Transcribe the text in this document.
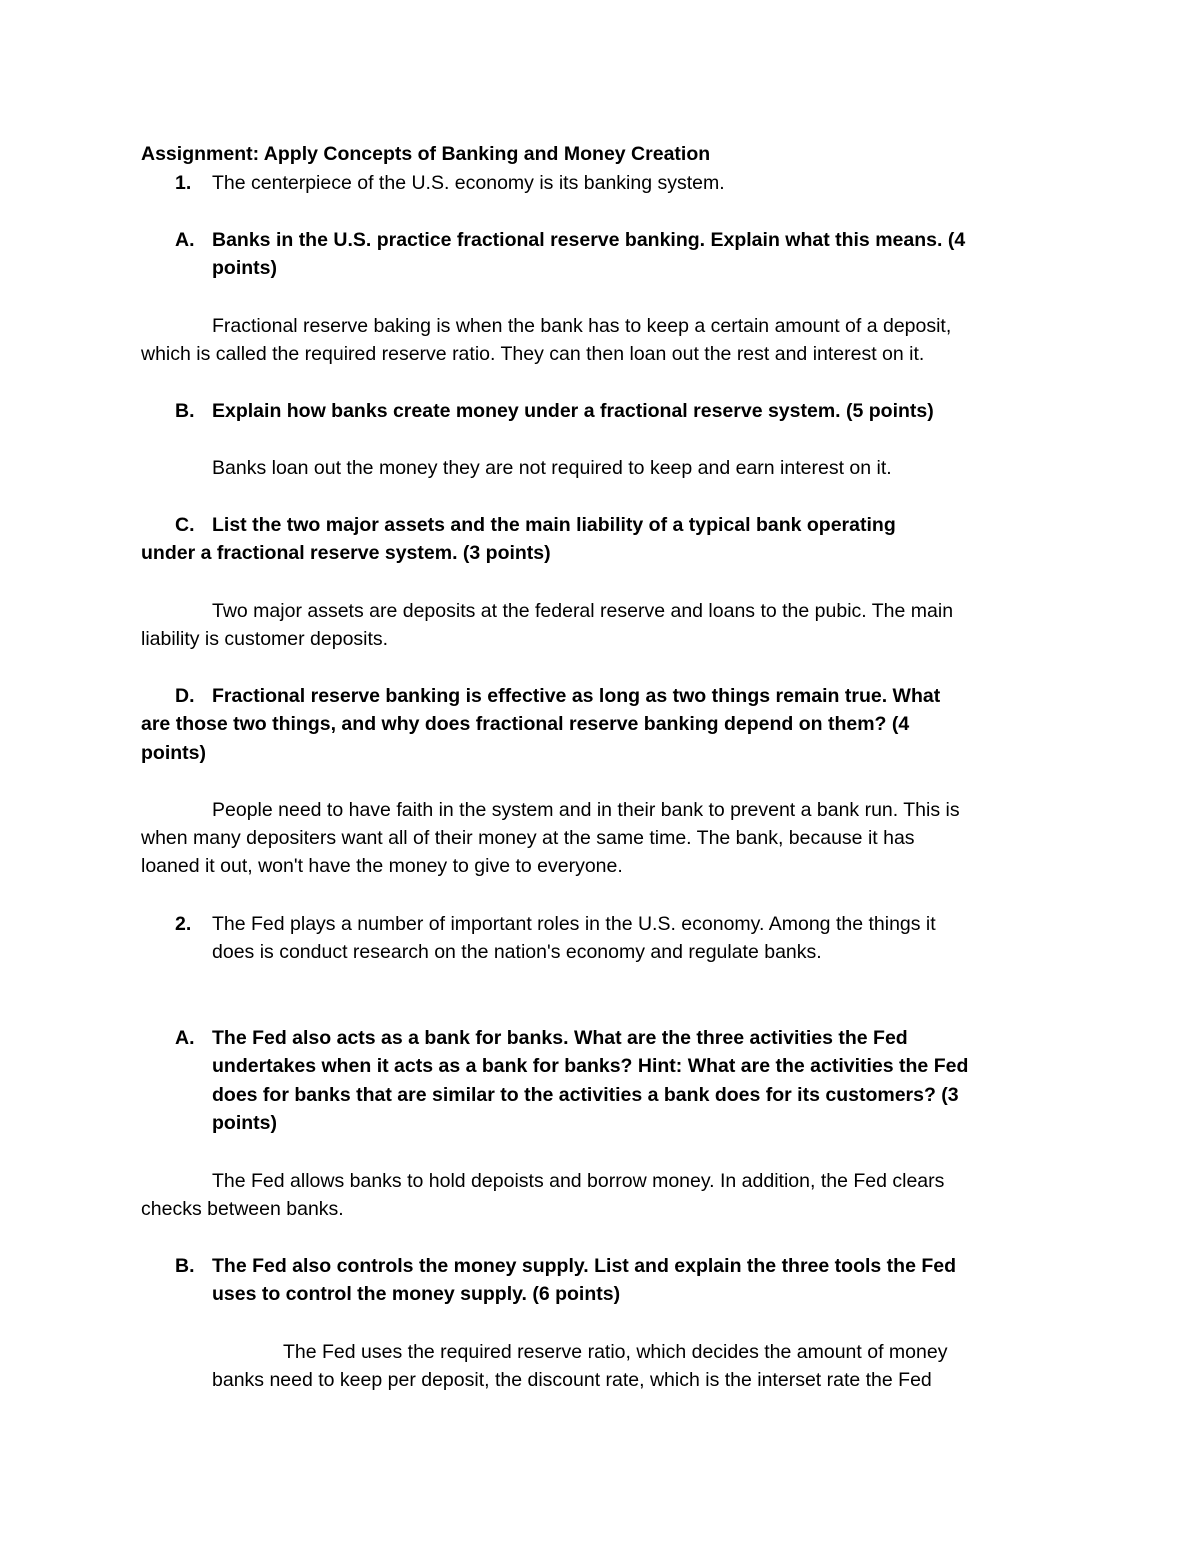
Assignment: Apply Concepts of Banking and Money Creation
1. The centerpiece of the U.S. economy is its banking system.
A. Banks in the U.S. practice fractional reserve banking. Explain what this means. (4
points)
Fractional reserve baking is when the bank has to keep a certain amount of a deposit,
which is called the required reserve ratio. They can then loan out the rest and interest on it.
B. Explain how banks create money under a fractional reserve system. (5 points)
Banks loan out the money they are not required to keep and earn interest on it.
C. List the two major assets and the main liability of a typical bank operating
under a fractional reserve system. (3 points)
Two major assets are deposits at the federal reserve and loans to the pubic. The main
liability is customer deposits.
D. Fractional reserve banking is effective as long as two things remain true. What
are those two things, and why does fractional reserve banking depend on them? (4
points)
People need to have faith in the system and in their bank to prevent a bank run. This is
when many depositers want all of their money at the same time. The bank, because it has
loaned it out, won't have the money to give to everyone.
2. The Fed plays a number of important roles in the U.S. economy. Among the things it
does is conduct research on the nation's economy and regulate banks.
A. The Fed also acts as a bank for banks. What are the three activities the Fed
undertakes when it acts as a bank for banks? Hint: What are the activities the Fed
does for banks that are similar to the activities a bank does for its customers? (3
points)
The Fed allows banks to hold depoists and borrow money. In addition, the Fed clears
checks between banks.
B. The Fed also controls the money supply. List and explain the three tools the Fed
uses to control the money supply. (6 points)
The Fed uses the required reserve ratio, which decides the amount of money
banks need to keep per deposit, the discount rate, which is the interset rate the Fed
